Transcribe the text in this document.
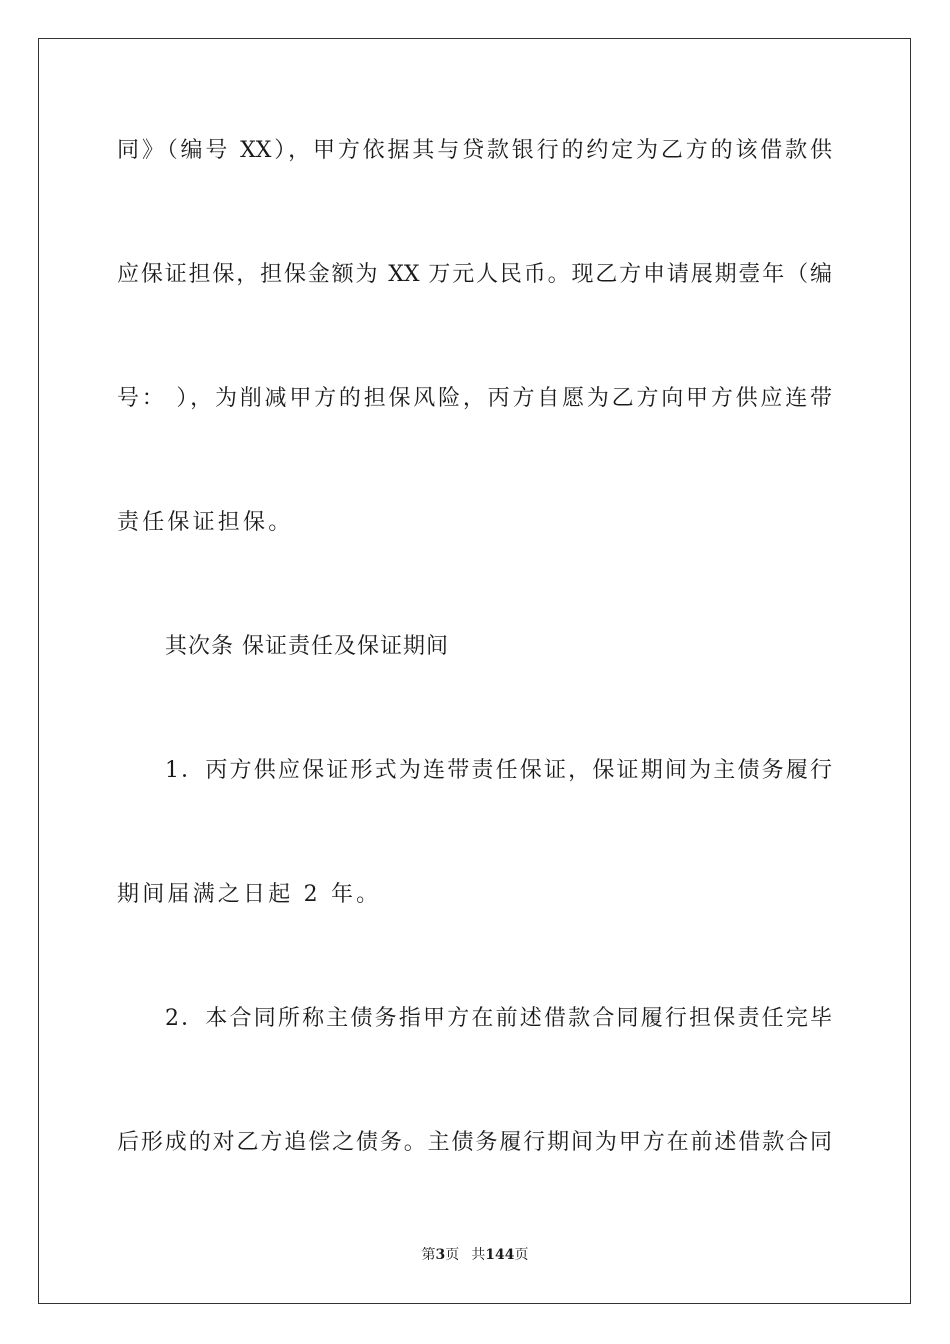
同》（编号 XX），甲方依据其与贷款银行的约定为乙方的该借款供
应保证担保，担保金额为 XX 万元人民币。现乙方申请展期壹年（编
号： ），为削减甲方的担保风险，丙方自愿为乙方向甲方供应连带
责任保证担保。
其次条 保证责任及保证期间
1．丙方供应保证形式为连带责任保证，保证期间为主债务履行
期间届满之日起 2 年。
2．本合同所称主债务指甲方在前述借款合同履行担保责任完毕
后形成的对乙方追偿之债务。主债务履行期间为甲方在前述借款合同
第3页 共144页
